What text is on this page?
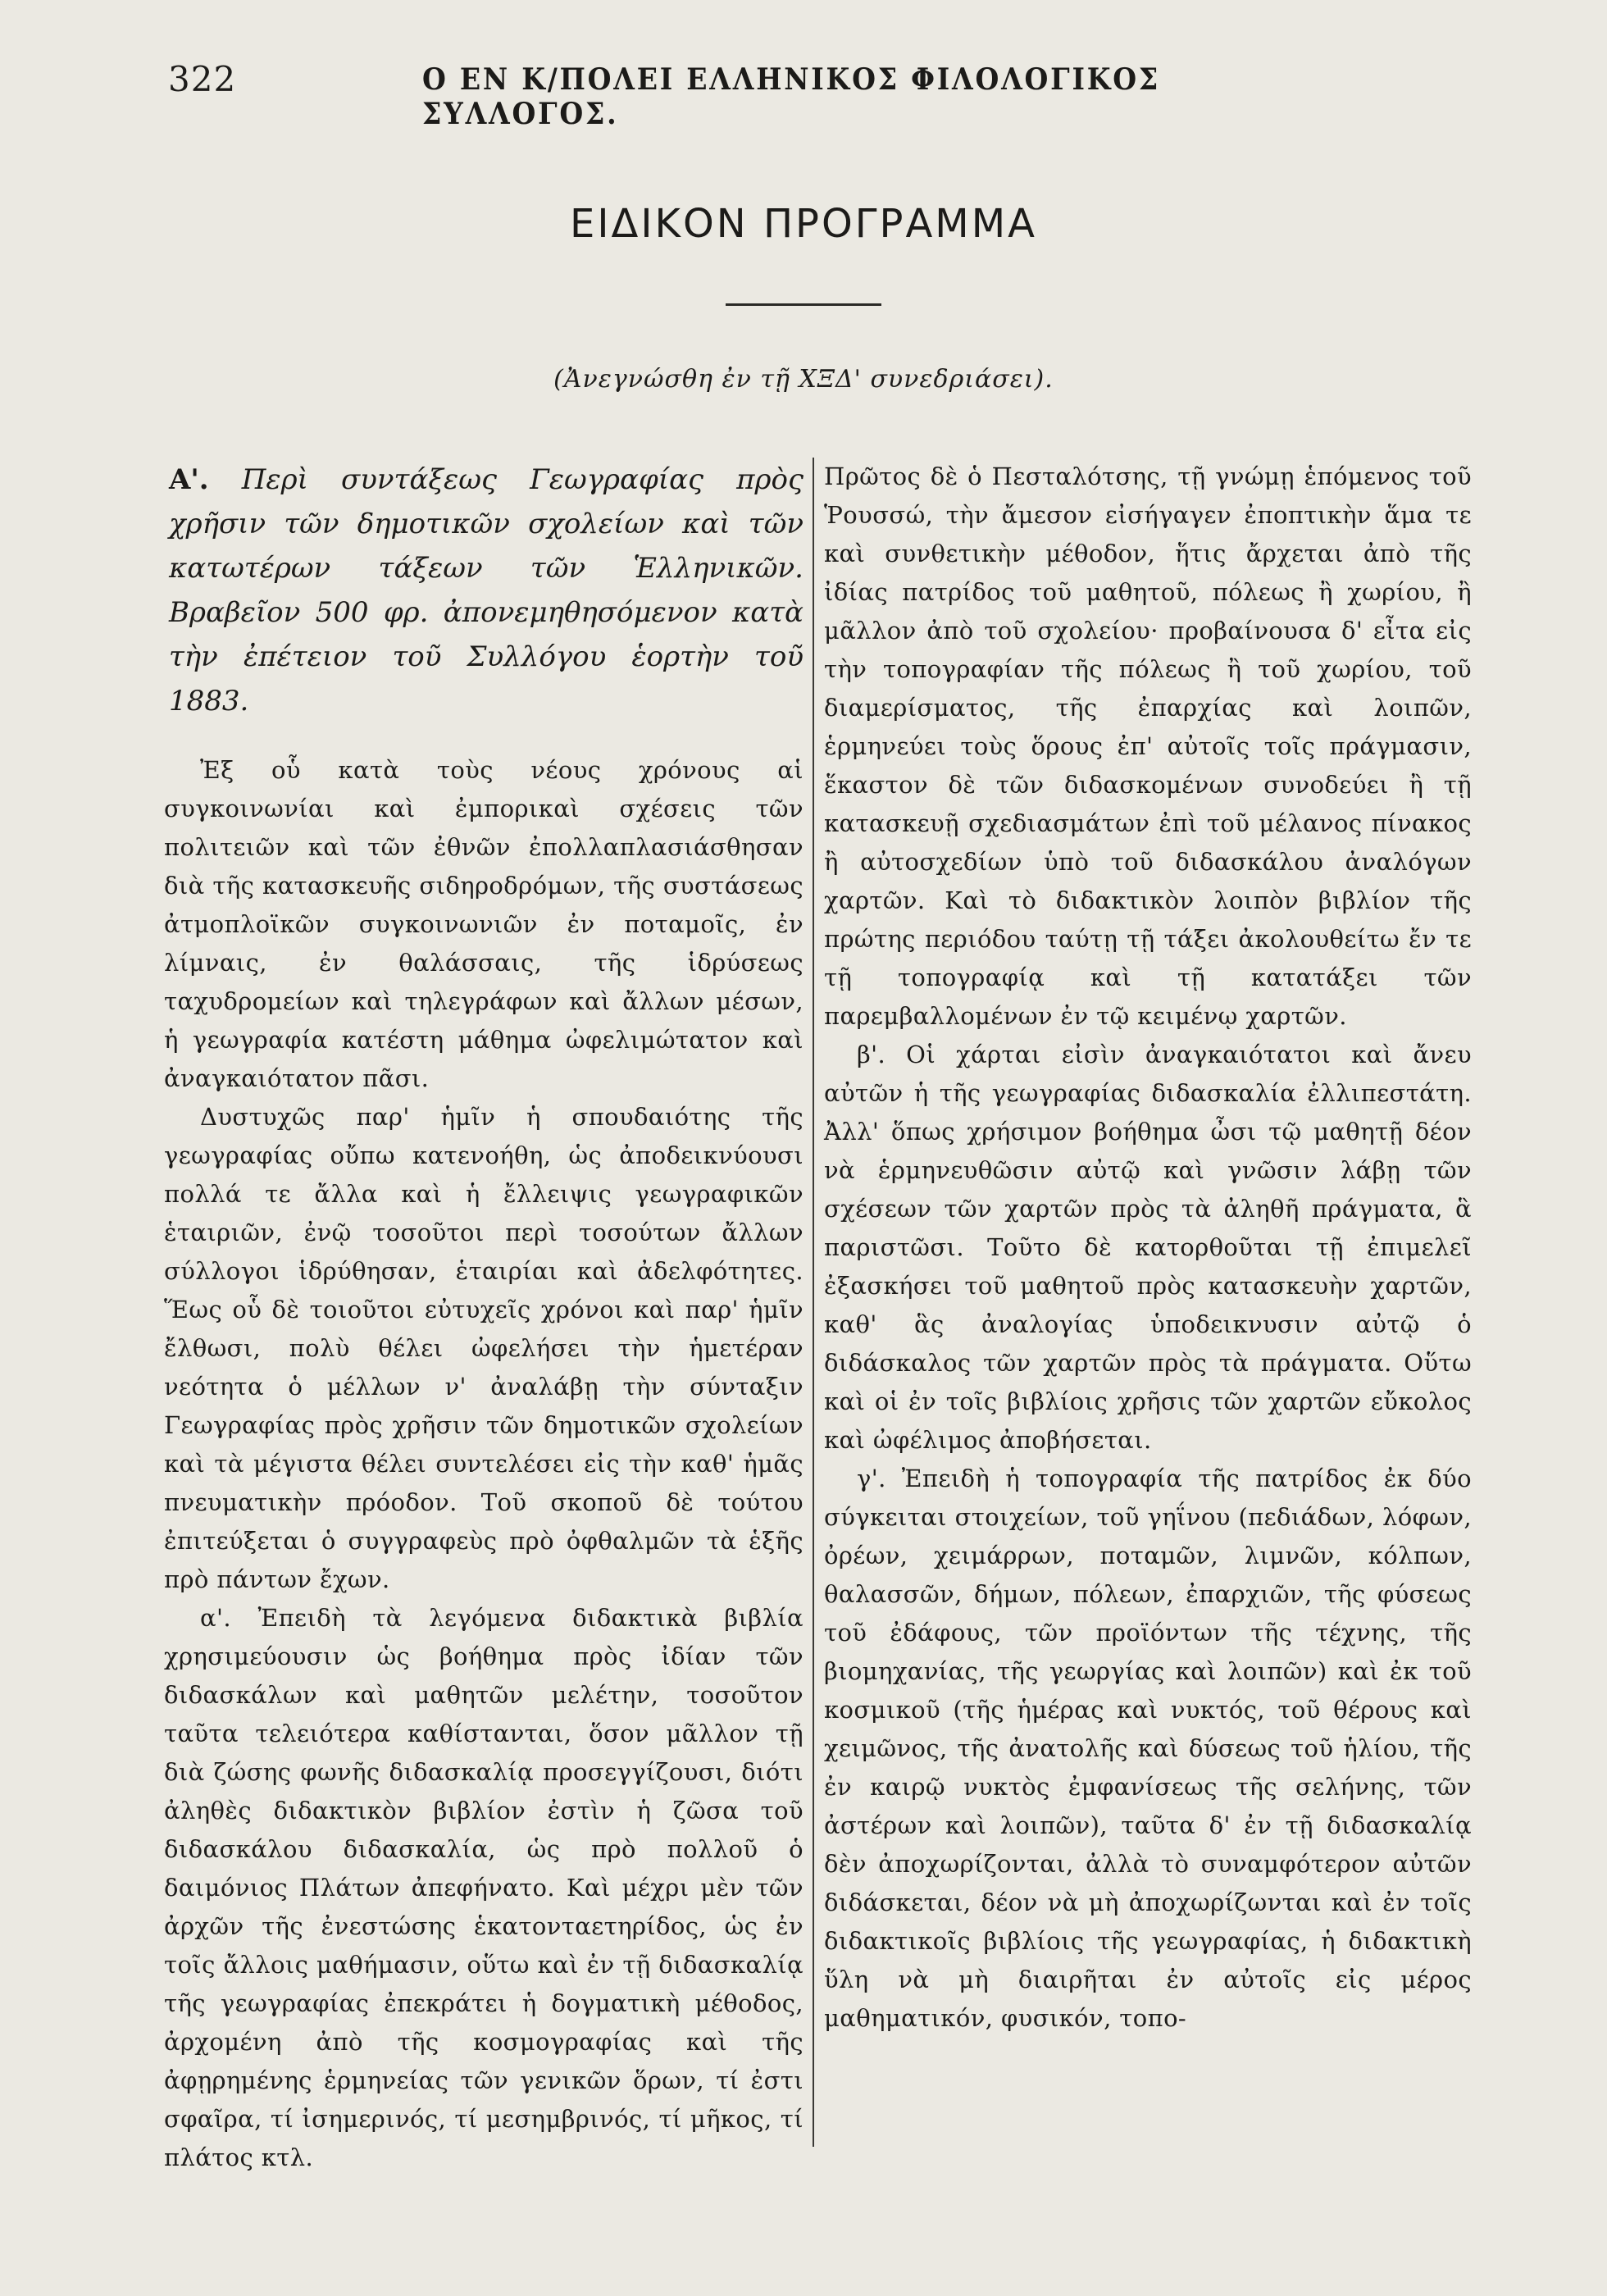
322	Ο ΕΝ Κ/ΠΟΛΕΙ ΕΛΛΗΝΙΚΟΣ ΦΙΛΟΛΟΓΙΚΟΣ ΣΥΛΛΟΓΟΣ.
ΕΙΔΙΚΟΝ ΠΡΟΓΡΑΜΜΑ
(Ἀνεγνώσθη ἐν τῇ ΧΞΔ' συνεδριάσει).

Α'. Περὶ συντάξεως Γεωγραφίας πρὸς χρῆσιν τῶν δημοτικῶν σχολείων καὶ τῶν κατωτέρων τάξεων τῶν Ἑλληνικῶν. Βραβεῖον 500 φρ. ἀπονεμηθησόμενον κατὰ τὴν ἐπέτειον τοῦ Συλλόγου ἑορτὴν τοῦ 1883.

Ἐξ οὗ κατὰ τοὺς νέους χρόνους αἱ συγκοινωνίαι καὶ ἐμπορικαὶ σχέσεις τῶν πολιτειῶν καὶ τῶν ἐθνῶν ἐπολλαπλασιάσθησαν διὰ τῆς κατασκευῆς σιδηροδρόμων, τῆς συστάσεως ἀτμοπλοϊκῶν συγκοινωνιῶν ἐν ποταμοῖς, ἐν λίμναις, ἐν θαλάσσαις, τῆς ἱδρύσεως ταχυδρομείων καὶ τηλεγράφων καὶ ἄλλων μέσων, ἡ γεωγραφία κατέστη μάθημα ὠφελιμώτατον καὶ ἀναγκαιότατον πᾶσι.

Δυστυχῶς παρ' ἡμῖν ἡ σπουδαιότης τῆς γεωγραφίας οὔπω κατενοήθη, ὡς ἀποδεικνύουσι πολλά τε ἄλλα καὶ ἡ ἔλλειψις γεωγραφικῶν ἑταιριῶν, ἐνῷ τοσοῦτοι περὶ τοσούτων ἄλλων σύλλογοι ἱδρύθησαν, ἑταιρίαι καὶ ἀδελφότητες. Ἕως οὗ δὲ τοιοῦτοι εὐτυχεῖς χρόνοι καὶ παρ' ἡμῖν ἔλθωσι, πολὺ θέλει ὠφελήσει τὴν ἡμετέραν νεότητα ὁ μέλλων ν' ἀναλάβῃ τὴν σύνταξιν Γεωγραφίας πρὸς χρῆσιν τῶν δημοτικῶν σχολείων καὶ τὰ μέγιστα θέλει συντελέσει εἰς τὴν καθ' ἡμᾶς πνευματικὴν πρόοδον. Τοῦ σκοποῦ δὲ τούτου ἐπιτεύξεται ὁ συγγραφεὺς πρὸ ὀφθαλμῶν τὰ ἑξῆς πρὸ πάντων ἔχων.

α'. Ἐπειδὴ τὰ λεγόμενα διδακτικὰ βιβλία χρησιμεύουσιν ὡς βοήθημα πρὸς ἰδίαν τῶν διδασκάλων καὶ μαθητῶν μελέτην, τοσοῦτον ταῦτα τελειότερα καθίστανται, ὅσον μᾶλλον τῇ διὰ ζώσης φωνῆς διδασκαλίᾳ προσεγγίζουσι, διότι ἀληθὲς διδακτικὸν βιβλίον ἐστὶν ἡ ζῶσα τοῦ διδασκάλου διδασκαλία, ὡς πρὸ πολλοῦ ὁ δαιμόνιος Πλάτων ἀπεφήνατο. Καὶ μέχρι μὲν τῶν ἀρχῶν τῆς ἐνεστώσης ἑκατονταετηρίδος, ὡς ἐν τοῖς ἄλλοις μαθήμασιν, οὕτω καὶ ἐν τῇ διδασκαλίᾳ τῆς γεωγραφίας ἐπεκράτει ἡ δογματικὴ μέθοδος, ἀρχομένη ἀπὸ τῆς κοσμογραφίας καὶ τῆς ἀφῃρημένης ἑρμηνείας τῶν γενικῶν ὅρων, τί ἐστι σφαῖρα, τί ἰσημερινός, τί μεσημβρινός, τί μῆκος, τί πλάτος κτλ.

Πρῶτος δὲ ὁ Πεσταλότσης, τῇ γνώμῃ ἑπόμενος τοῦ Ῥουσσώ, τὴν ἄμεσον εἰσήγαγεν ἐποπτικὴν ἅμα τε καὶ συνθετικὴν μέθοδον, ἥτις ἄρχεται ἀπὸ τῆς ἰδίας πατρίδος τοῦ μαθητοῦ, πόλεως ἢ χωρίου, ἢ μᾶλλον ἀπὸ τοῦ σχολείου· προβαίνουσα δ' εἶτα εἰς τὴν τοπογραφίαν τῆς πόλεως ἢ τοῦ χωρίου, τοῦ διαμερίσματος, τῆς ἐπαρχίας καὶ λοιπῶν, ἑρμηνεύει τοὺς ὅρους ἐπ' αὐτοῖς τοῖς πράγμασιν, ἕκαστον δὲ τῶν διδασκομένων συνοδεύει ἢ τῇ κατασκευῇ σχεδιασμάτων ἐπὶ τοῦ μέλανος πίνακος ἢ αὐτοσχεδίων ὑπὸ τοῦ διδασκάλου ἀναλόγων χαρτῶν. Καὶ τὸ διδακτικὸν λοιπὸν βιβλίον τῆς πρώτης περιόδου ταύτῃ τῇ τάξει ἀκολουθείτω ἔν τε τῇ τοπογραφίᾳ καὶ τῇ κατατάξει τῶν παρεμβαλλομένων ἐν τῷ κειμένῳ χαρτῶν.

β'. Οἱ χάρται εἰσὶν ἀναγκαιότατοι καὶ ἄνευ αὐτῶν ἡ τῆς γεωγραφίας διδασκαλία ἐλλιπεστάτη. Ἀλλ' ὅπως χρήσιμον βοήθημα ὦσι τῷ μαθητῇ δέον νὰ ἑρμηνευθῶσιν αὐτῷ καὶ γνῶσιν λάβῃ τῶν σχέσεων τῶν χαρτῶν πρὸς τὰ ἀληθῆ πράγματα, ἃ παριστῶσι. Τοῦτο δὲ κατορθοῦται τῇ ἐπιμελεῖ ἐξασκήσει τοῦ μαθητοῦ πρὸς κατασκευὴν χαρτῶν, καθ' ἃς ἀναλογίας ὑποδεικνυσιν αὐτῷ ὁ διδάσκαλος τῶν χαρτῶν πρὸς τὰ πράγματα. Οὕτω καὶ οἱ ἐν τοῖς βιβλίοις χρῆσις τῶν χαρτῶν εὔκολος καὶ ὠφέλιμος ἀποβήσεται.

γ'. Ἐπειδὴ ἡ τοπογραφία τῆς πατρίδος ἐκ δύο σύγκειται στοιχείων, τοῦ γηΐνου (πεδιάδων, λόφων, ὀρέων, χειμάρρων, ποταμῶν, λιμνῶν, κόλπων, θαλασσῶν, δήμων, πόλεων, ἐπαρχιῶν, τῆς φύσεως τοῦ ἐδάφους, τῶν προϊόντων τῆς τέχνης, τῆς βιομηχανίας, τῆς γεωργίας καὶ λοιπῶν) καὶ ἐκ τοῦ κοσμικοῦ (τῆς ἡμέρας καὶ νυκτός, τοῦ θέρους καὶ χειμῶνος, τῆς ἀνατολῆς καὶ δύσεως τοῦ ἡλίου, τῆς ἐν καιρῷ νυκτὸς ἐμφανίσεως τῆς σελήνης, τῶν ἀστέρων καὶ λοιπῶν), ταῦτα δ' ἐν τῇ διδασκαλίᾳ δὲν ἀποχωρίζονται, ἀλλὰ τὸ συναμφότερον αὐτῶν διδάσκεται, δέον νὰ μὴ ἀποχωρίζωνται καὶ ἐν τοῖς διδακτικοῖς βιβλίοις τῆς γεωγραφίας, ἡ διδακτικὴ ὕλη νὰ μὴ διαιρῆται ἐν αὐτοῖς εἰς μέρος μαθηματικόν, φυσικόν, τοπο-
